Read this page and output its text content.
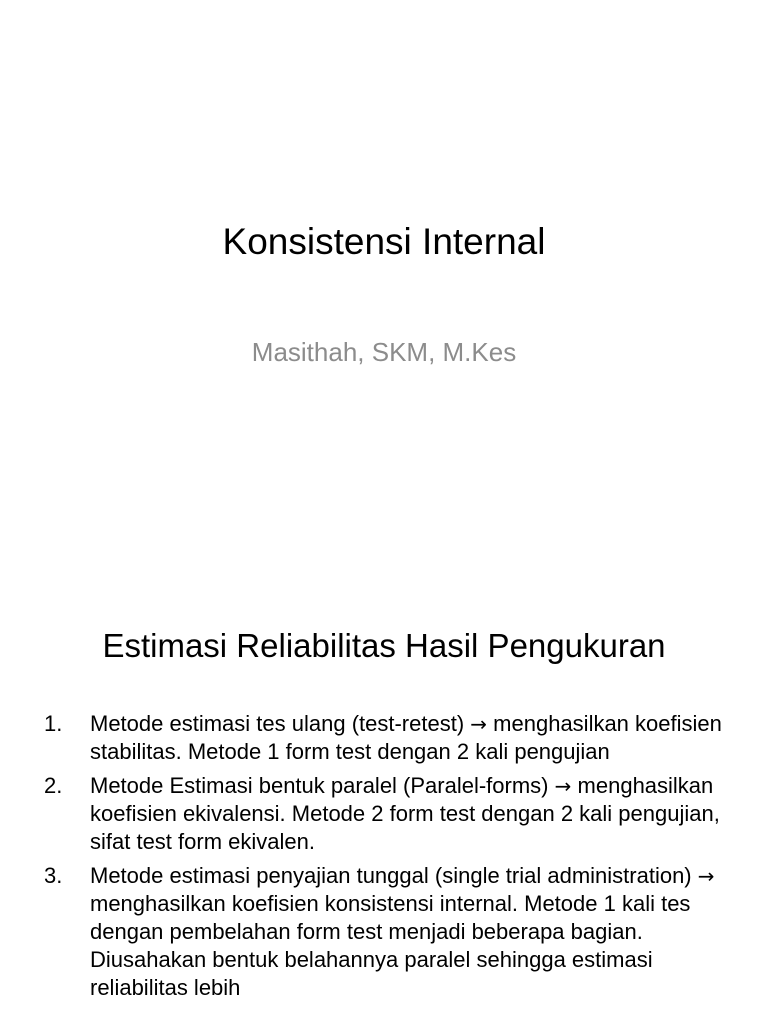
Konsistensi Internal
Masithah, SKM, M.Kes
Estimasi Reliabilitas Hasil Pengukuran
1. Metode estimasi tes ulang (test-retest) → menghasilkan koefisien stabilitas. Metode 1 form test dengan 2 kali pengujian
2. Metode Estimasi bentuk paralel (Paralel-forms) → menghasilkan koefisien ekivalensi. Metode 2 form test dengan 2 kali pengujian, sifat test form ekivalen.
3. Metode estimasi penyajian tunggal (single trial administration) → menghasilkan koefisien konsistensi internal. Metode 1 kali tes dengan pembelahan form test menjadi beberapa bagian. Diusahakan bentuk belahannya paralel sehingga estimasi reliabilitas lebih
